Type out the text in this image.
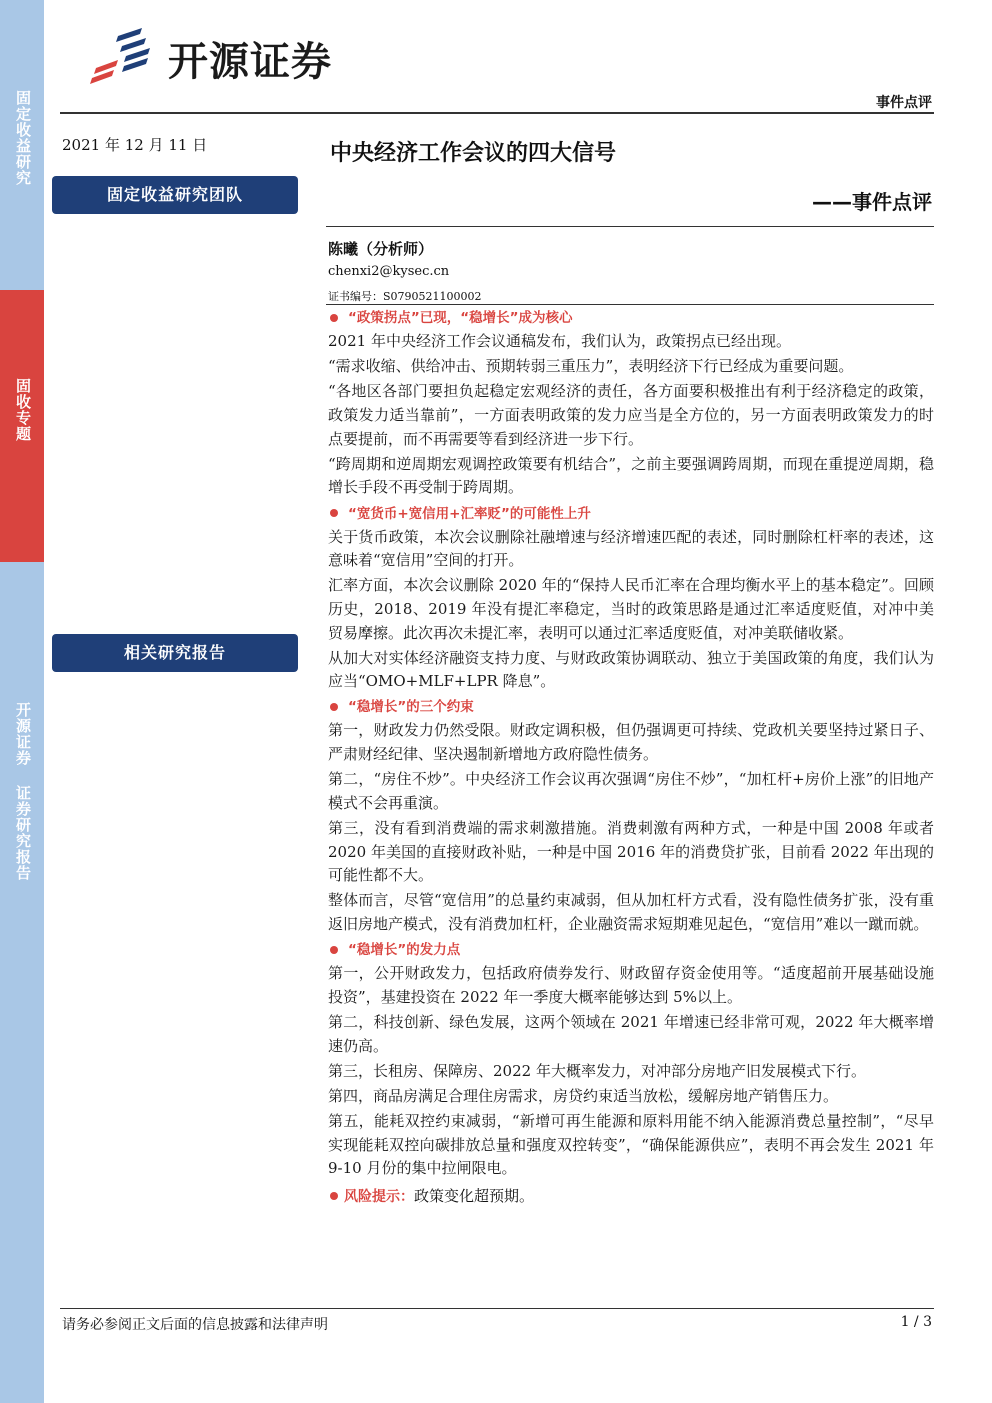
固定收益研究
固收专题
开源证券 证券研究报告
开源证券
事件点评
2021 年 12 月 11 日
固定收益研究团队
相关研究报告
中央经济工作会议的四大信号
——事件点评
陈曦（分析师）
chenxi2@kysec.cn
证书编号：S0790521100002
“政策拐点”已现，“稳增长”成为核心

2021 年中央经济工作会议通稿发布，我们认为，政策拐点已经出现。

“需求收缩、供给冲击、预期转弱三重压力”，表明经济下行已经成为重要问题。

“各地区各部门要担负起稳定宏观经济的责任，各方面要积极推出有利于经济稳定的政策，政策发力适当靠前”，一方面表明政策的发力应当是全方位的，另一方面表明政策发力的时点要提前，而不再需要等看到经济进一步下行。

“跨周期和逆周期宏观调控政策要有机结合”，之前主要强调跨周期，而现在重提逆周期，稳增长手段不再受制于跨周期。

“宽货币+宽信用+汇率贬”的可能性上升

关于货币政策，本次会议删除社融增速与经济增速匹配的表述，同时删除杠杆率的表述，这意味着“宽信用”空间的打开。

汇率方面，本次会议删除 2020 年的“保持人民币汇率在合理均衡水平上的基本稳定”。回顾历史，2018、2019 年没有提汇率稳定，当时的政策思路是通过汇率适度贬值，对冲中美贸易摩擦。此次再次未提汇率，表明可以通过汇率适度贬值，对冲美联储收紧。

从加大对实体经济融资支持力度、与财政政策协调联动、独立于美国政策的角度，我们认为应当“OMO+MLF+LPR 降息”。

“稳增长”的三个约束

第一，财政发力仍然受限。财政定调积极，但仍强调更可持续、党政机关要坚持过紧日子、严肃财经纪律、坚决遏制新增地方政府隐性债务。

第二，“房住不炒”。中央经济工作会议再次强调“房住不炒”，“加杠杆+房价上涨”的旧地产模式不会再重演。

第三，没有看到消费端的需求刺激措施。消费刺激有两种方式，一种是中国 2008 年或者 2020 年美国的直接财政补贴，一种是中国 2016 年的消费贷扩张，目前看 2022 年出现的可能性都不大。

整体而言，尽管“宽信用”的总量约束减弱，但从加杠杆方式看，没有隐性债务扩张，没有重返旧房地产模式，没有消费加杠杆，企业融资需求短期难见起色，“宽信用”难以一蹴而就。

“稳增长”的发力点

第一，公开财政发力，包括政府债券发行、财政留存资金使用等。“适度超前开展基础设施投资”，基建投资在 2022 年一季度大概率能够达到 5%以上。

第二，科技创新、绿色发展，这两个领域在 2021 年增速已经非常可观，2022 年大概率增速仍高。

第三，长租房、保障房、2022 年大概率发力，对冲部分房地产旧发展模式下行。

第四，商品房满足合理住房需求，房贷约束适当放松，缓解房地产销售压力。

第五，能耗双控约束减弱，“新增可再生能源和原料用能不纳入能源消费总量控制”，“尽早实现能耗双控向碳排放总量和强度双控转变”，“确保能源供应”，表明不再会发生 2021 年 9-10 月份的集中拉闸限电。

风险提示：政策变化超预期。
请务必参阅正文后面的信息披露和法律声明	1 / 3
